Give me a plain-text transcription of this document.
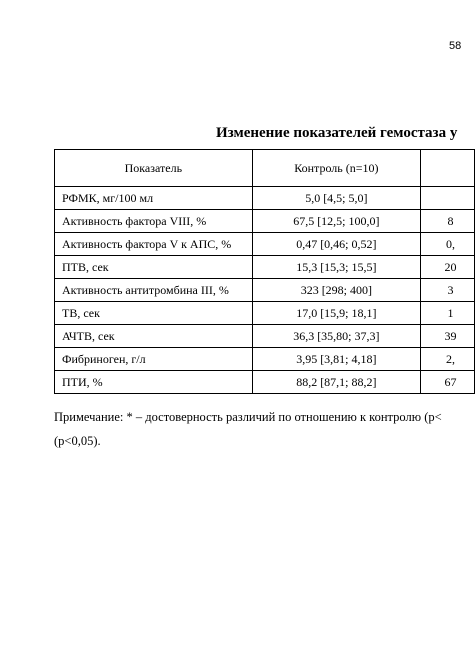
58
Изменение показателей гемостаза у
Показатель	Контроль (n=10)	
РФМК, мг/100 мл	5,0 [4,5; 5,0]	
Активность фактора VIII, %	67,5 [12,5; 100,0]	8
Активность фактора V к АПС, %	0,47 [0,46; 0,52]	0,
ПТВ, сек	15,3 [15,3; 15,5]	20
Активность антитромбина III, %	323 [298; 400]	3
ТВ, сек	17,0 [15,9; 18,1]	1
АЧТВ, сек	36,3 [35,80; 37,3]	39
Фибриноген, г/л	3,95 [3,81; 4,18]	2,
ПТИ, %	88,2 [87,1; 88,2]	67
Примечание: * – достоверность различий по отношению к контролю (р<
(р<0,05).
